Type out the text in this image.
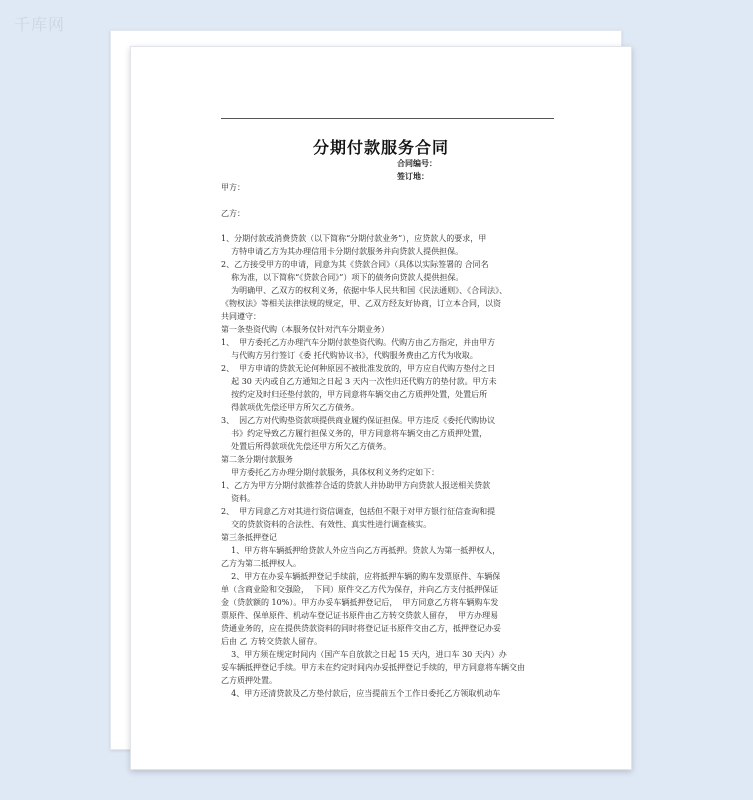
千库网
分期付款服务合同
合同编号：
签订地：
甲方：
乙方：
1、分期付款或消费贷款（以下简称“分期付款业务”），应贷款人的要求，甲
方特申请乙方为其办理信用卡分期付款服务并向贷款人提供担保。
2、乙方接受甲方的申请，同意为其《贷款合同》（具体以实际签署的 合同名
称为准，以下简称“《贷款合同》”）项下的债务向贷款人提供担保。
为明确甲、乙双方的权利义务，依据中华人民共和国《民法通则》、《合同法》、
《物权法》等相关法律法规的规定，甲、乙双方经友好协商，订立本合同，以资
共同遵守：
第一条垫资代购（本服务仅针对汽车分期业务）
1、  甲方委托乙方办理汽车分期付款垫资代购。代购方由乙方指定，并由甲方
与代购方另行签订《委 托代购协议书》，代购服务费由乙方代为收取。
2、  甲方申请的贷款无论何种原因不被批准发放的，甲方应自代购方垫付之日
起 30 天内或自乙方通知之日起 3 天内一次性归还代购方的垫付款。甲方未
按约定及时归还垫付款的，甲方同意将车辆交由乙方质押处置，处置后所
得款项优先偿还甲方所欠乙方债务。
3、  因乙方对代购垫资款项提供商业履约保证担保。甲方违反《委托代购协议
书》约定导致乙方履行担保义务的，甲方同意将车辆交由乙方质押处置，
处置后所得款项优先偿还甲方所欠乙方债务。
第二条分期付款服务
甲方委托乙方办理分期付款服务，具体权利义务约定如下：
1、乙方为甲方分期付款推荐合适的贷款人并协助甲方向贷款人报送相关贷款
资料。
2、  甲方同意乙方对其进行资信调查，包括但不限于对甲方银行征信查询和提
交的贷款资料的合法性、有效性、真实性进行调查核实。
第三条抵押登记
1、甲方将车辆抵押给贷款人外应当向乙方再抵押。贷款人为第一抵押权人，
乙方为第二抵押权人。
2、甲方在办妥车辆抵押登记手续前，应将抵押车辆的购车发票原件、车辆保
单（含商业险和交强险，  下同）原件交乙方代为保存，并向乙方支付抵押保证
金（贷款额的 10%）。甲方办妥车辆抵押登记后，  甲方同意乙方将车辆购车发
票原件、保单原件、机动车登记证书原件由乙方转交贷款人留存，  甲方办理易
贷通业务的，应在提供贷款资料的同时将登记证书原件交由乙方，抵押登记办妥
后由 乙 方转交贷款人留存。
3、甲方须在规定时间内（国产车自放款之日起 15 天内，进口车 30 天内）办
妥车辆抵押登记手续。甲方未在约定时间内办妥抵押登记手续的，甲方同意将车辆交由
乙方质押处置。
4、甲方还清贷款及乙方垫付款后，应当提前五个工作日委托乙方领取机动车
